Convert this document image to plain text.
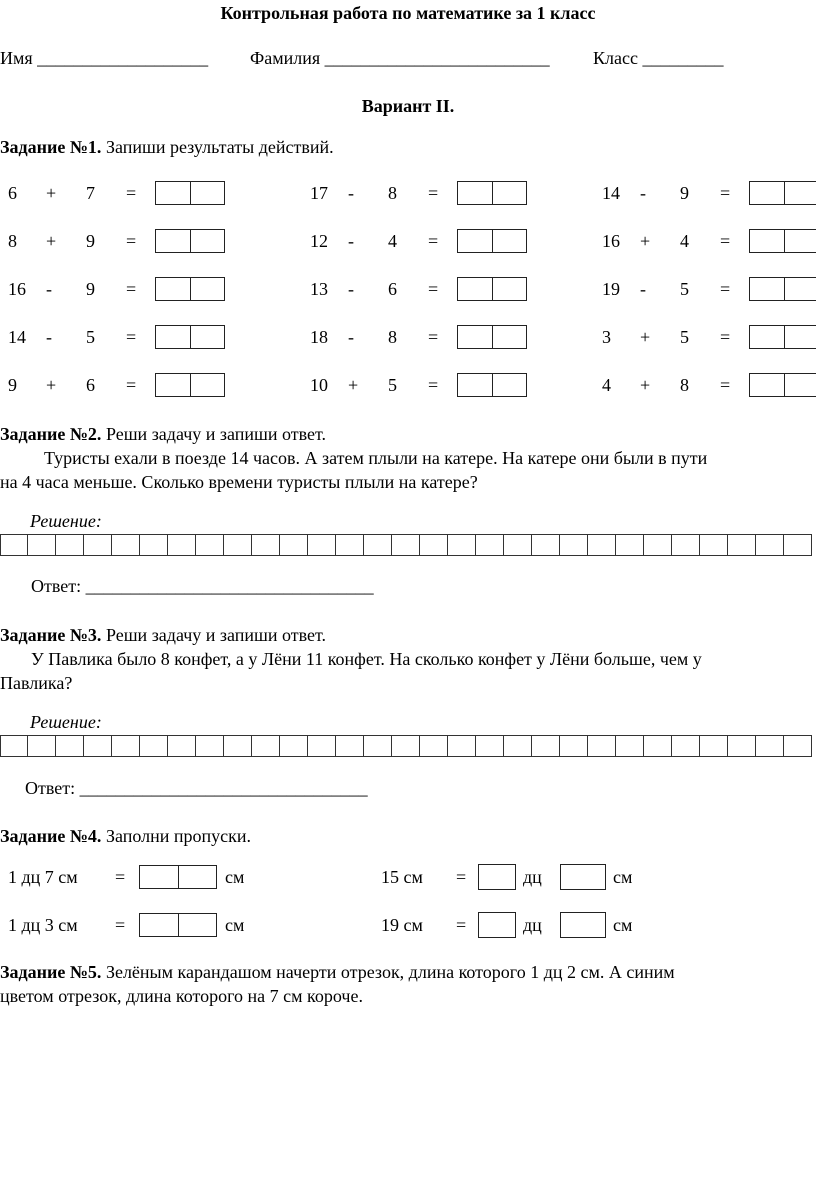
Контрольная работа по математике за 1 класс
Имя ___________________ Фамилия _________________________ Класс _________
Вариант II.
Задание №1. Запиши результаты действий.
6 + 7 =
8 + 9 =
16 - 9 =
14 - 5 =
9 + 6 =
17 - 8 =
12 - 4 =
13 - 6 =
18 - 8 =
10 + 5 =
14 - 9 =
16 + 4 =
19 - 5 =
3 + 5 =
4 + 8 =
Задание №2. Реши задачу и запиши ответ.
Туристы ехали в поезде 14 часов. А затем плыли на катере. На катере они были в пути
на 4 часа меньше. Сколько времени туристы плыли на катере?
Решение:
Ответ: ________________________________
Задание №3. Реши задачу и запиши ответ.
У Павлика было 8 конфет, а у Лёни 11 конфет. На сколько конфет у Лёни больше, чем у
Павлика?
Решение:
Ответ: ________________________________
Задание №4. Заполни пропуски.
1 дц 7 см =	см	15 см =	дц	см
1 дц 3 см =	см	19 см =	дц	см
Задание №5. Зелёным карандашом начерти отрезок, длина которого 1 дц 2 см. А синим
цветом отрезок, длина которого на 7 см короче.
